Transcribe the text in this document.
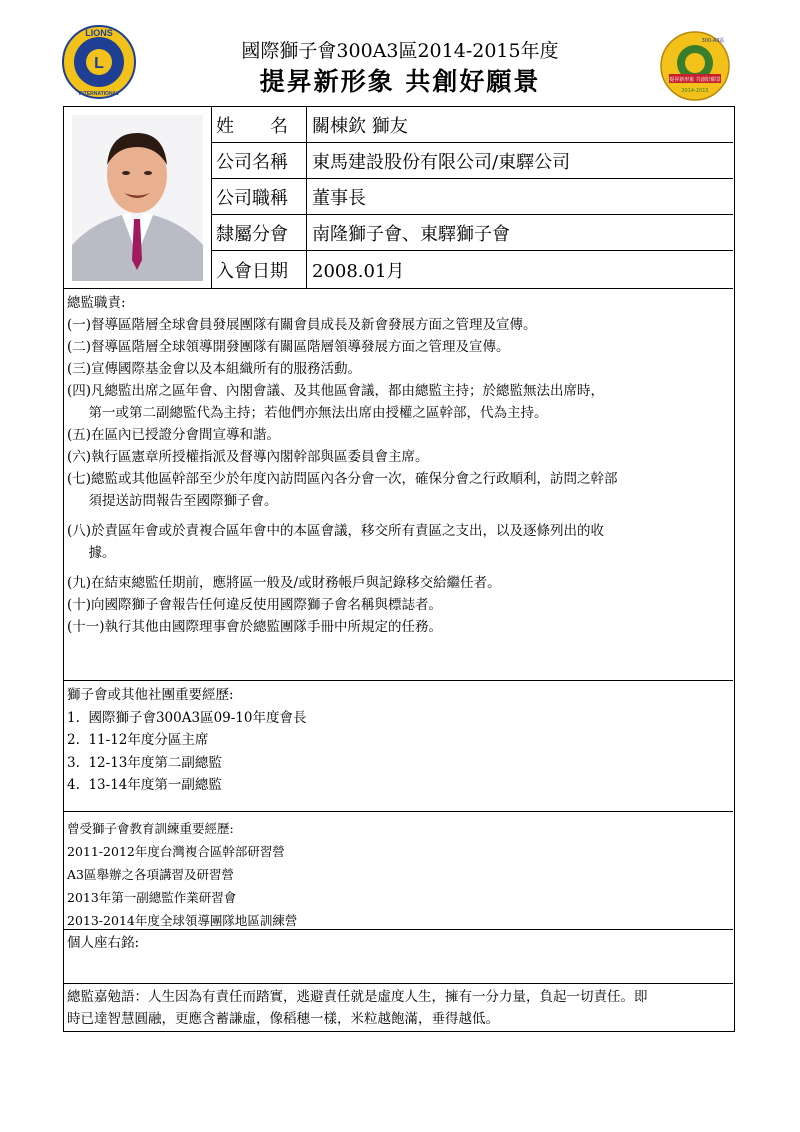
L
LIONS
INTERNATIONAL
國際獅子會300A3區2014-2015年度
提昇新形象 共創好願景	提昇新形象 共創好願景
2014-2015
300-A3區
姓　　名	關棟欽 獅友
公司名稱	東馬建設股份有限公司/東驛公司
公司職稱	董事長
隸屬分會	南隆獅子會、東驛獅子會
入會日期	2008.01月
總監職責:
(一)督導區階層全球會員發展團隊有關會員成長及新會發展方面之管理及宣傳。
(二)督導區階層全球領導開發團隊有關區階層領導發展方面之管理及宣傳。
(三)宣傳國際基金會以及本組織所有的服務活動。
(四)凡總監出席之區年會、內閣會議、及其他區會議，都由總監主持；於總監無法出席時，
第一或第二副總監代為主持；若他們亦無法出席由授權之區幹部，代為主持。
(五)在區內已授證分會間宣導和諧。
(六)執行區憲章所授權指派及督導內閣幹部與區委員會主席。
(七)總監或其他區幹部至少於年度內訪問區內各分會一次，確保分會之行政順利，訪問之幹部
須提送訪問報告至國際獅子會。
(八)於責區年會或於責複合區年會中的本區會議，移交所有責區之支出，以及逐條列出的收
據。
(九)在結束總監任期前，應將區一般及/或財務帳戶與記錄移交給繼任者。
(十)向國際獅子會報告任何違反使用國際獅子會名稱與標誌者。
(十一)執行其他由國際理事會於總監團隊手冊中所規定的任務。
獅子會或其他社團重要經歷:
1.  國際獅子會300A3區09-10年度會長
2.  11-12年度分區主席
3.  12-13年度第二副總監
4.  13-14年度第一副總監
曾受獅子會教育訓練重要經歷:
2011-2012年度台灣複合區幹部研習營
A3區舉辦之各項講習及研習營
2013年第一副總監作業研習會
2013-2014年度全球領導團隊地區訓練營
個人座右銘:
總監嘉勉語：人生因為有責任而踏實，逃避責任就是虛度人生，擁有一分力量，負起一切責任。即
時已達智慧圓融，更應含蓄謙虛，像稻穗一樣，米粒越飽滿，垂得越低。
